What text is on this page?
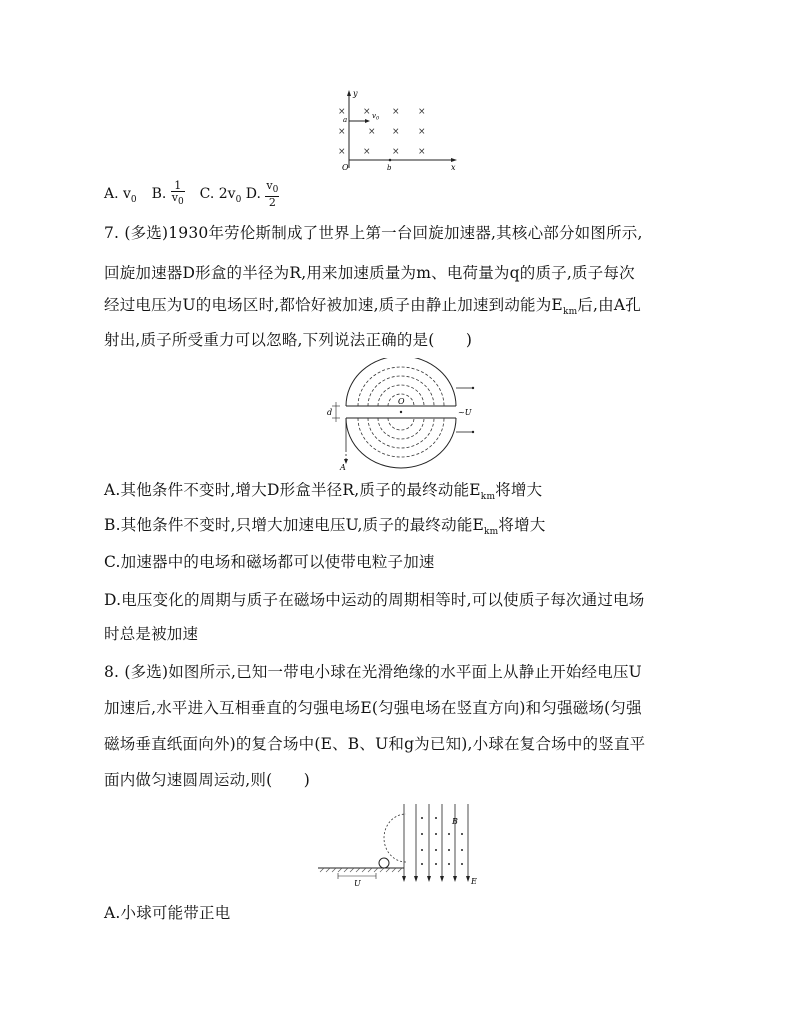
y
x
O
a
b
$v_0$
×
×
×
×
×
×
×
×
×
×
×
×
A. $v_0$ B. $\frac{1}{v_0} C$. $2v_0$ D. $\frac{v_0}{2}$
7. (多选)1930年劳伦斯制成了世界上第一台回旋加速器,其核心部分如图所示,
回旋加速器D形盒的半径为R,用来加速质量为m、电荷量为q的质子,质子每次
经过电压为U的电场区时,都恰好被加速,质子由静止加速到动能为$E_{km}$后,由A孔
射出,质子所受重力可以忽略,下列说法正确的是(　　)
d
O
~U
A
A.其他条件不变时,增大D形盒半径R,质子的最终动能$E_{km}$将增大
B.其他条件不变时,只增大加速电压U,质子的最终动能$E_{km}$将增大
C.加速器中的电场和磁场都可以使带电粒子加速
D.电压变化的周期与质子在磁场中运动的周期相等时,可以使质子每次通过电场
时总是被加速
8. (多选)如图所示,已知一带电小球在光滑绝缘的水平面上从静止开始经电压U
加速后,水平进入互相垂直的匀强电场E(匀强电场在竖直方向)和匀强磁场(匀强
磁场垂直纸面向外)的复合场中(E、B、U和g为已知),小球在复合场中的竖直平
面内做匀速圆周运动,则(　　)
U
B
E
A.小球可能带正电
